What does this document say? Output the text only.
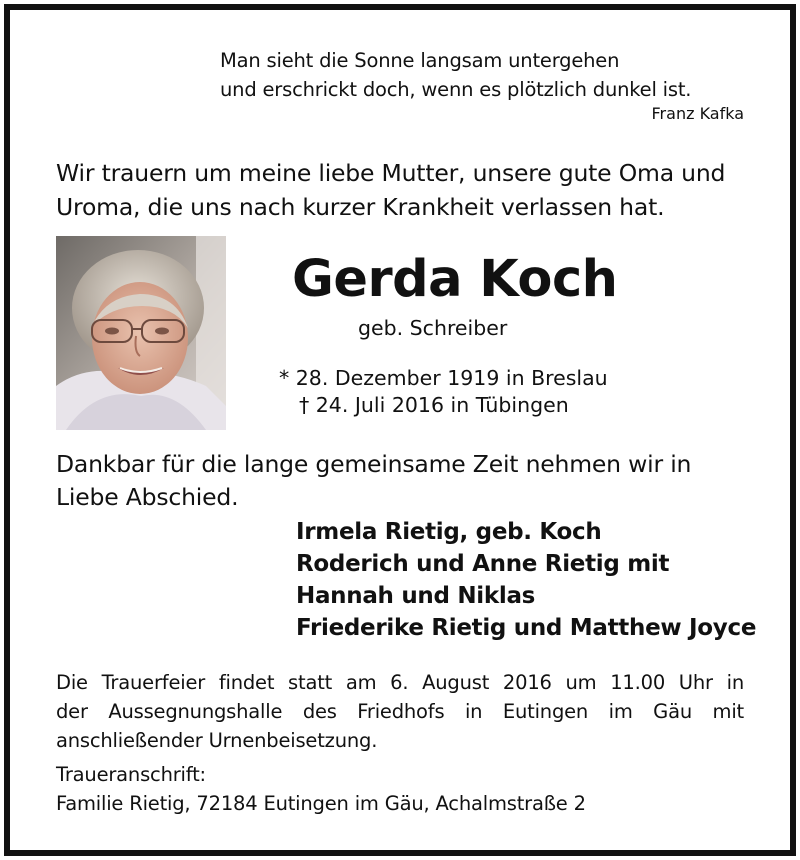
Man sieht die Sonne langsam untergehen
und erschrickt doch, wenn es plötzlich dunkel ist.
Franz Kafka
Wir trauern um meine liebe Mutter, unsere gute Oma und
Uroma, die uns nach kurzer Krankheit verlassen hat.
Gerda Koch
geb. Schreiber
* 28. Dezember 1919 in Breslau
† 24. Juli 2016 in Tübingen
Dankbar für die lange gemeinsame Zeit nehmen wir in
Liebe Abschied.
Irmela Rietig, geb. Koch
Roderich und Anne Rietig mit
Hannah und Niklas
Friederike Rietig und Matthew Joyce
Die Trauerfeier findet statt am 6. August 2016 um 11.00 Uhr in
der Aussegnungshalle des Friedhofs in Eutingen im Gäu mit
anschließender Urnenbeisetzung.
Traueranschrift:
Familie Rietig, 72184 Eutingen im Gäu, Achalmstraße 2
